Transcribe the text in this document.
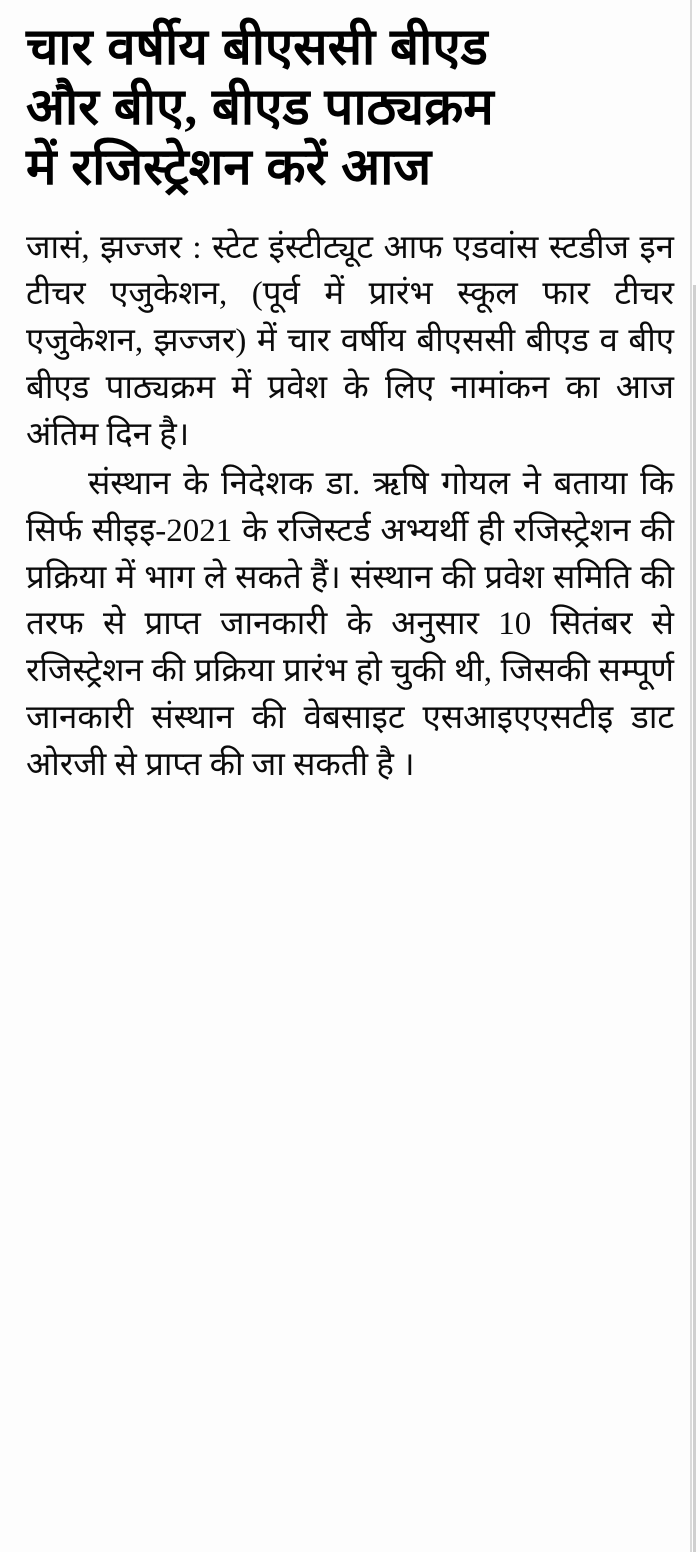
चार वर्षीय बीएससी बीएड
और बीए, बीएड पाठ्यक्रम
में रजिस्ट्रेशन करें आज

जासं, झज्जर : स्टेट इंस्टीट्यूट आफ एडवांस स्टडीज इन टीचर एजुकेशन, (पूर्व में प्रारंभ स्कूल फार टीचर एजुकेशन, झज्जर) में चार वर्षीय बीएससी बीएड व बीए बीएड पाठ्यक्रम में प्रवेश के लिए नामांकन का आज अंतिम दिन है।

संस्थान के निदेशक डा. ऋषि गोयल ने बताया कि सिर्फ सीइइ-2021 के रजिस्टर्ड अभ्यर्थी ही रजिस्ट्रेशन की प्रक्रिया में भाग ले सकते हैं। संस्थान की प्रवेश समिति की तरफ से प्राप्त जानकारी के अनुसार 10 सितंबर से रजिस्ट्रेशन की प्रक्रिया प्रारंभ हो चुकी थी, जिसकी सम्पूर्ण जानकारी संस्थान की वेबसाइट एसआइएएसटीइ डाट ओरजी से प्राप्त की जा सकती है ।
